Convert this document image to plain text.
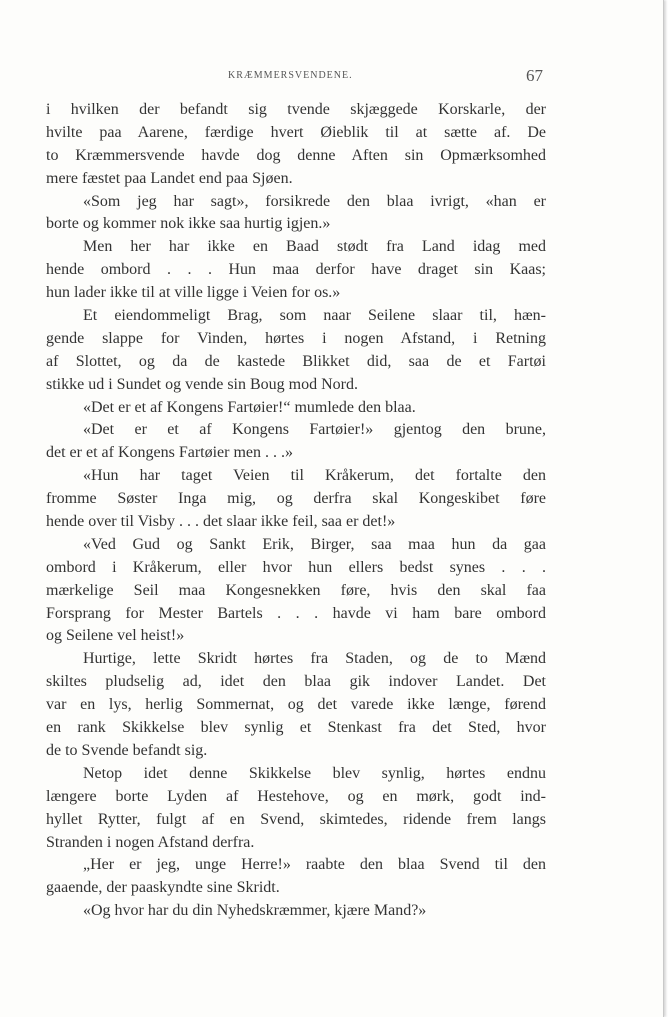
KRÆMMERSVENDENE.	67
i hvilken der befandt sig tvende skjæggede Korskarle, der
hvilte paa Aarene, færdige hvert Øieblik til at sætte af. De
to Kræmmersvende havde dog denne Aften sin Opmærksomhed
mere fæstet paa Landet end paa Sjøen.
«Som jeg har sagt», forsikrede den blaa ivrigt, «han er
borte og kommer nok ikke saa hurtig igjen.»
Men her har ikke en Baad stødt fra Land idag med
hende ombord . . . Hun maa derfor have draget sin Kaas;
hun lader ikke til at ville ligge i Veien for os.»
Et eiendommeligt Brag, som naar Seilene slaar til, hæn-
gende slappe for Vinden, hørtes i nogen Afstand, i Retning
af Slottet, og da de kastede Blikket did, saa de et Fartøi
stikke ud i Sundet og vende sin Boug mod Nord.
«Det er et af Kongens Fartøier!“ mumlede den blaa.
«Det er et af Kongens Fartøier!» gjentog den brune,
det er et af Kongens Fartøier men . . .»
«Hun har taget Veien til Kråkerum, det fortalte den
fromme Søster Inga mig, og derfra skal Kongeskibet føre
hende over til Visby . . . det slaar ikke feil, saa er det!»
«Ved Gud og Sankt Erik, Birger, saa maa hun da gaa
ombord i Kråkerum, eller hvor hun ellers bedst synes . . .
mærkelige Seil maa Kongesnekken føre, hvis den skal faa
Forsprang for Mester Bartels . . . havde vi ham bare ombord
og Seilene vel heist!»
Hurtige, lette Skridt hørtes fra Staden, og de to Mænd
skiltes pludselig ad, idet den blaa gik indover Landet. Det
var en lys, herlig Sommernat, og det varede ikke længe, førend
en rank Skikkelse blev synlig et Stenkast fra det Sted, hvor
de to Svende befandt sig.
Netop idet denne Skikkelse blev synlig, hørtes endnu
længere borte Lyden af Hestehove, og en mørk, godt ind-
hyllet Rytter, fulgt af en Svend, skimtedes, ridende frem langs
Stranden i nogen Afstand derfra.
„Her er jeg, unge Herre!» raabte den blaa Svend til den
gaaende, der paaskyndte sine Skridt.
«Og hvor har du din Nyhedskræmmer, kjære Mand?»
